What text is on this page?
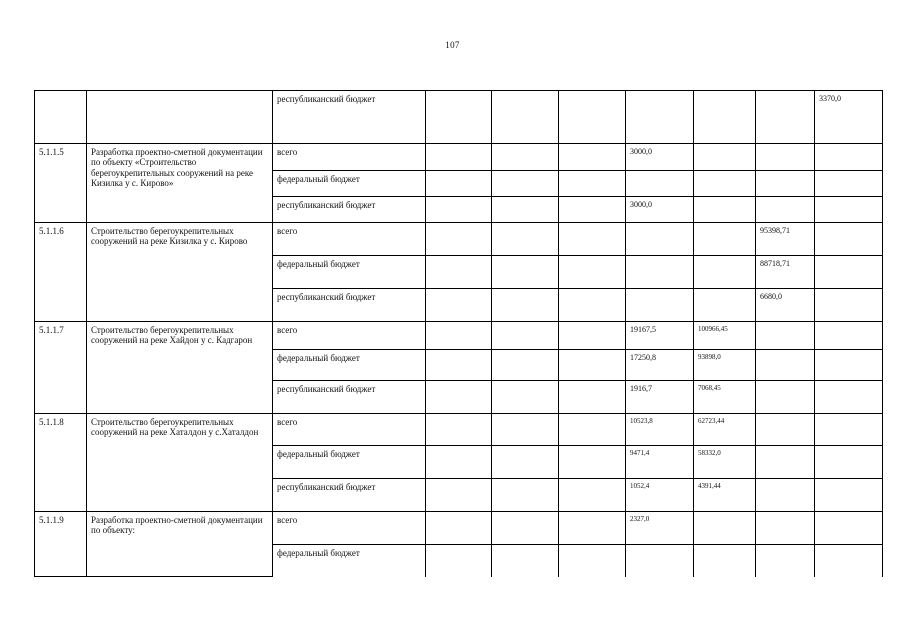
107
		республиканский бюджет							3370,0
5.1.1.5	Разработка проектно-сметной документации по объекту «Строительство берегоукрепительных сооружений на реке Кизилка у с. Кирово»	всего				3000,0			
		федеральный бюджет							
		республиканский бюджет				3000,0			
5.1.1.6	Строительство берегоукрепительных сооружений на реке Кизилка у с. Кирово	всего						95398,71	
		федеральный бюджет						88718,71	
		республиканский бюджет						6680,0	
5.1.1.7	Строительство берегоукрепительных сооружений на реке Хайдон у с. Кадгарон	всего				19167,5	100966,45		
		федеральный бюджет				17250,8	93898,0		
		республиканский бюджет				1916,7	7068,45		
5.1.1.8	Строительство берегоукрепительных сооружений на реке Хаталдон у с.Хаталдон	всего				10523,8	62723,44		
		федеральный бюджет				9471,4	58332,0		
		республиканский бюджет				1052,4	4391,44		
5.1.1.9	Разработка проектно-сметной документации по объекту:	всего				2327,0			
		федеральный бюджет							
